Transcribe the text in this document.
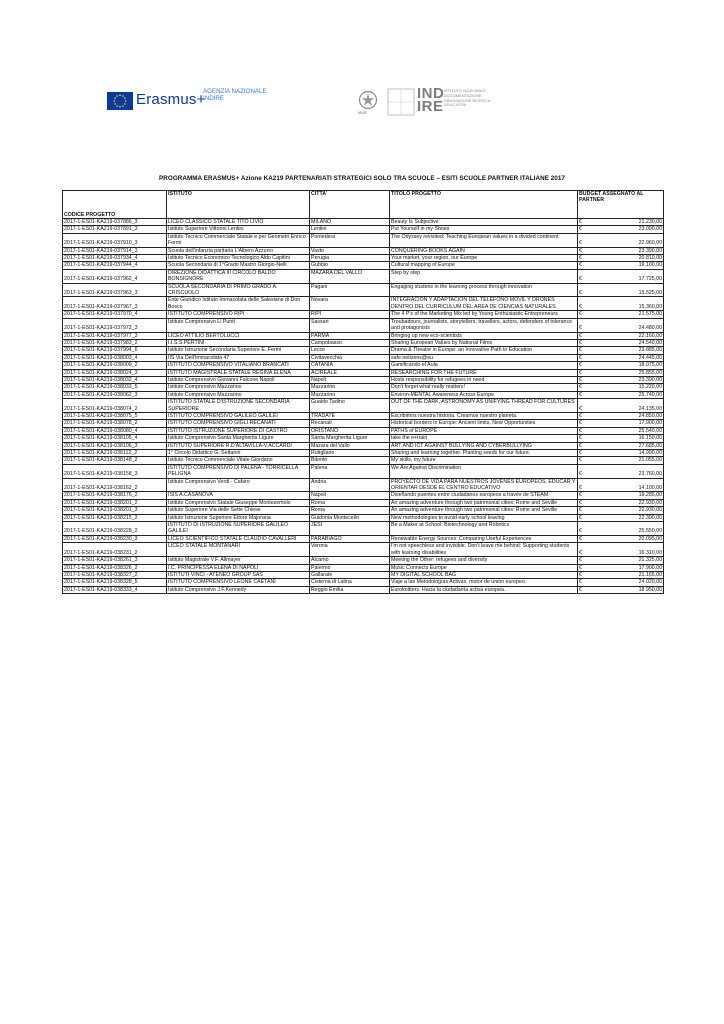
Erasmus+
AGENZIA NAZIONALE INDIRE
MIUR
IND IRE
ISTITUTO NAZIONALE DOCUMENTAZIONE INNOVAZIONE RICERCA EDUCATIVA
PROGRAMMA ERASMUS+ Azione KA219 PARTENARIATI STRATEGICI SOLO TRA SCUOLE – ESITI SCUOLE PARTNER ITALIANE 2017
CODICE PROGETTO	ISTITUTO	CITTA'	TITOLO PROGETTO	BUDGET ASSEGNATO AL PARTNER	
2017-1-ES01-KA219-037886_3	LICEO CLASSICO STATALE TITO LIVIO	MILANO	Beauty Is Subjective	€	21.230,00
2017-1-ES01-KA219-037891_3	Istituto Superiore Vittorini Lentini	Lentini	Put Yourself in my Shoes	€	23.090,00
2017-1-ES01-KA219-037910_3	Istituto Tecnico Commerciale Statale e per Geometri Enrico Fermi	Pontedera	The Odyssey revisited: Teaching European values in a divided continent	€	22.960,00
2017-1-ES01-KA219-037914_3	Scuola dell'infanzia paritaria L'Albero Azzurro	Vasto	CONQUERING BOOKS AGAIN	€	23.390,00
2017-1-ES01-KA219-037934_4	Istituto Tecnico Economico Tecnologico Aldo Capitini	Perugia	Your market, your region, our Europe	€	20.810,00
2017-1-ES01-KA219-037944_4	Scuola Secondaria di 1°Grado Mastro Giorgio-Nelli	Gubbio	Cultural mapping of Europe	€	19.100,00
2017-1-ES01-KA219-037962_4	DIREZIONE DIDATTICA III CIRCOLO BALDO BONSIGNORE	MAZARA DEL VALLO	Step by step	€	17.725,00
2017-1-ES01-KA219-037963_3	SCUOLA SECONDARIA DI PRIMO GRADO A. CRISCUOLO	Pagani	Engaging studens in the learning process through innovation	€	15.525,00
2017-1-ES01-KA219-037967_3	Ente Giuridico Istituto Immacolata delle Salesiane di Don Bosco	Novara	INTEGRACION Y ADAPTACION DEL TELEFONO MOVIL Y DRONES DENTRO DEL CURRICULUM DEL AREA DE CIENCIAS NATURALES.	€	15.360,00
2017-1-ES01-KA219-037970_4	ISTITUTO COMPRENSIVO RIPI	RIPI	The 4 P's of the Marketing Mix led by Young Enthusiastic Entrepreneurs	€	21.575,00
2017-1-ES01-KA219-037972_3	Istituto Comprensivo Li Punti	Sassari	Troubadours, journalists, storytellers, travellers, actors, defenders of tolerance and protagonists	€	24.480,00
2017-1-ES01-KA219-037977_3	LICEO ATTILIO BERTOLUCCI	PARMA	Bringing up new eco-scientists	€	22.160,00
2017-1-ES01-KA219-037983_2	I.I.S.S.PERTINI	Campobasso	Sharing European Values by National Films	€	24.540,00
2017-1-ES01-KA219-037994_6	Istituto Istruzione Secondaria Superiore E. Fermi	Lecce	Drama & Theatre in Europe: an Innovative Path to Education	€	23.885,00
2017-1-ES01-KA219-038003_4	IIS Via Dell'Immacolata 47	Civitavecchia	safe.netizens@eu	€	24.445,00
2017-1-ES01-KA219-038009_2	ISTITUTO COMPRENSIVO VITALIANO BRANCATI	CATANIA	Gamificando el Aula	€	18.075,00
2017-1-ES01-KA219-038024_3	ISTITUTO MAGISTRALE STATALE REGINA ELENA	ACIREALE	RESEARCHING FOR THE FUTURE	€	25.855,00
2017-1-ES01-KA219-038032_4	Istituto Comprensivo Giovanni Falcone Napoli	Napoli	Hosts responsibility for refugees in need	€	23.390,00
2017-1-ES01-KA219-038033_5	Istituto Comprensivo Mazzarino	Mazzarino	Don't forget what really matters!	€	15.220,00
2017-1-ES01-KA219-038062_3	Istituto Comprensivo Mazzarino	Mazzarino	Environ-MENTAL Awareness Across Europe	€	25.740,00
2017-1-ES01-KA219-038074_2	ISTITUTO STATALE D'ISTRUZIONE SECONDARIA SUPERIORE	Gualdo Tadino	OUT OF THE DARK, ASTRONOMY AS UNIFYING THREAD FOR CULTURES	€	24.135,00
2017-1-ES01-KA219-038075_5	ISTITUTO COMPRENSIVO GALILEO GALILEI	TRADATE	Escribimos nuestra historia. Creamos nuestro planeta.	€	24.850,00
2017-1-ES01-KA219-038078_2	ISTITUTO COMPRENSIVO GIGLI RECANATI	Recanati	Historical borders in Europe: Ancient limits, New Opportunities	€	17.900,00
2017-1-ES01-KA219-038080_4	ISTITUTO ISTRUZIONE SUPERIORE DI CASTRO	ORISTANO	PATHS of EUROPE	€	25.540,00
2017-1-ES01-KA219-038105_4	Istituto Comprensivo Santa Margherita Ligure	Santa Margherita Ligure	take the e+train	€	16.150,00
2017-1-ES01-KA219-038106_3	ISTITUTO SUPERIORE R.D'ALTAVILLA-V.ACCARDI	Mazara del Vallo	ART AND ICT AGAINST BULLYING AND CYBERBULLYING	€	27.685,00
2017-1-ES01-KA219-038112_2	1° Circolo Didattico G. Settanni	Rutigliano	Sharing and learning together. Planting seeds for our future.	€	14.990,00
2017-1-ES01-KA219-038148_2	Istituto Tecnico Commerciale Vitale Giordano	Bitonto	My skills, my future	€	21.055,00
2017-1-ES01-KA219-038158_3	ISTITUTO COMPRENSIVO DI PALENA - TORRICELLA PELIGNA	Palena	We Are Against Discrimination	€	23.760,00
2017-1-ES01-KA219-038162_2	Istituto Comprensivo Verdi - Cafaro	Andria	PROYECTO DE VIDA PARA NUESTROS JÓVENES EUROPEOS. EDUCAR Y ORIENTAR DESDE EL CENTRO EDUCATIVO	€	14.100,00
2017-1-ES01-KA219-038176_2	ISIS A.CASANOVA	Napoli	Diseñando puentes entre ciudadanos europeos a través de STEAM	€	19.285,00
2017-1-ES01-KA219-038201_2	Istituto Comprensivo Statale Giuseppe Montezemolo	Roma	An amazing adventure through two patrimonial cities: Rome and Seville	€	22.930,00
2017-1-ES01-KA219-038201_3	Istituto Superiore Via delle Sette Chiese	Roma	An amazing adventure through two patrimonial cities: Rome and Seville	€	22.930,00
2017-1-ES01-KA219-038215_2	Istituto Istruzione Superiore Ettore Majorana	Guidonia Montecelio	New methodologies to avoid early school leaving	€	22.390,00
2017-1-ES01-KA219-038228_2	ISTITUTO DI ISTRUZIONE SUPERIORE GALILEO GALILEI	JESI	Be a Maker at School: Biotechnology and Robotics	€	25.550,00
2017-1-ES01-KA219-038230_3	LICEO SCIENTIFICO STATALE CLAUDIO CAVALLERI	PARABIAGO	Renewable Energy Sources: Comparing Useful Experiences	€	20.095,00
2017-1-ES01-KA219-038231_2	LICEO STATALE MONTANARI	Verona	I'm not speechless and invisible, Don't leave me behind: Supporting students with learning disabilities	€	16.310,00
2017-1-ES01-KA219-038261_3	Istituto Magistrale V.F. Allmayer	Alcamo	Meeting the Other: refugees and diversity	€	21.325,00
2017-1-ES01-KA219-038326_2	I.C. PRINCIPESSA ELENA DI NAPOLI	Palermo	Music Connects Europe	€	17.900,00
2017-1-ES01-KA219-038327_2	ISTITUTI VINCI - ATENEO GROUP SAS	Gallarate	MY DIGITAL SCHOOL BAG	€	21.165,00
2017-1-ES01-KA219-038328_5	ISTITUTO COMPRENSIVO LEONE CAETANI	Cisterna di Latina	Viaje a las Metodologías Activas, motor de unión europeo.	€	24.020,00
2017-1-ES01-KA219-038333_4	Istituto Comprensivo J.F.Kennedy	Reggio Emilia	Euroknitters. Hacia la ciudadanía activa europea.	€	18.950,00
